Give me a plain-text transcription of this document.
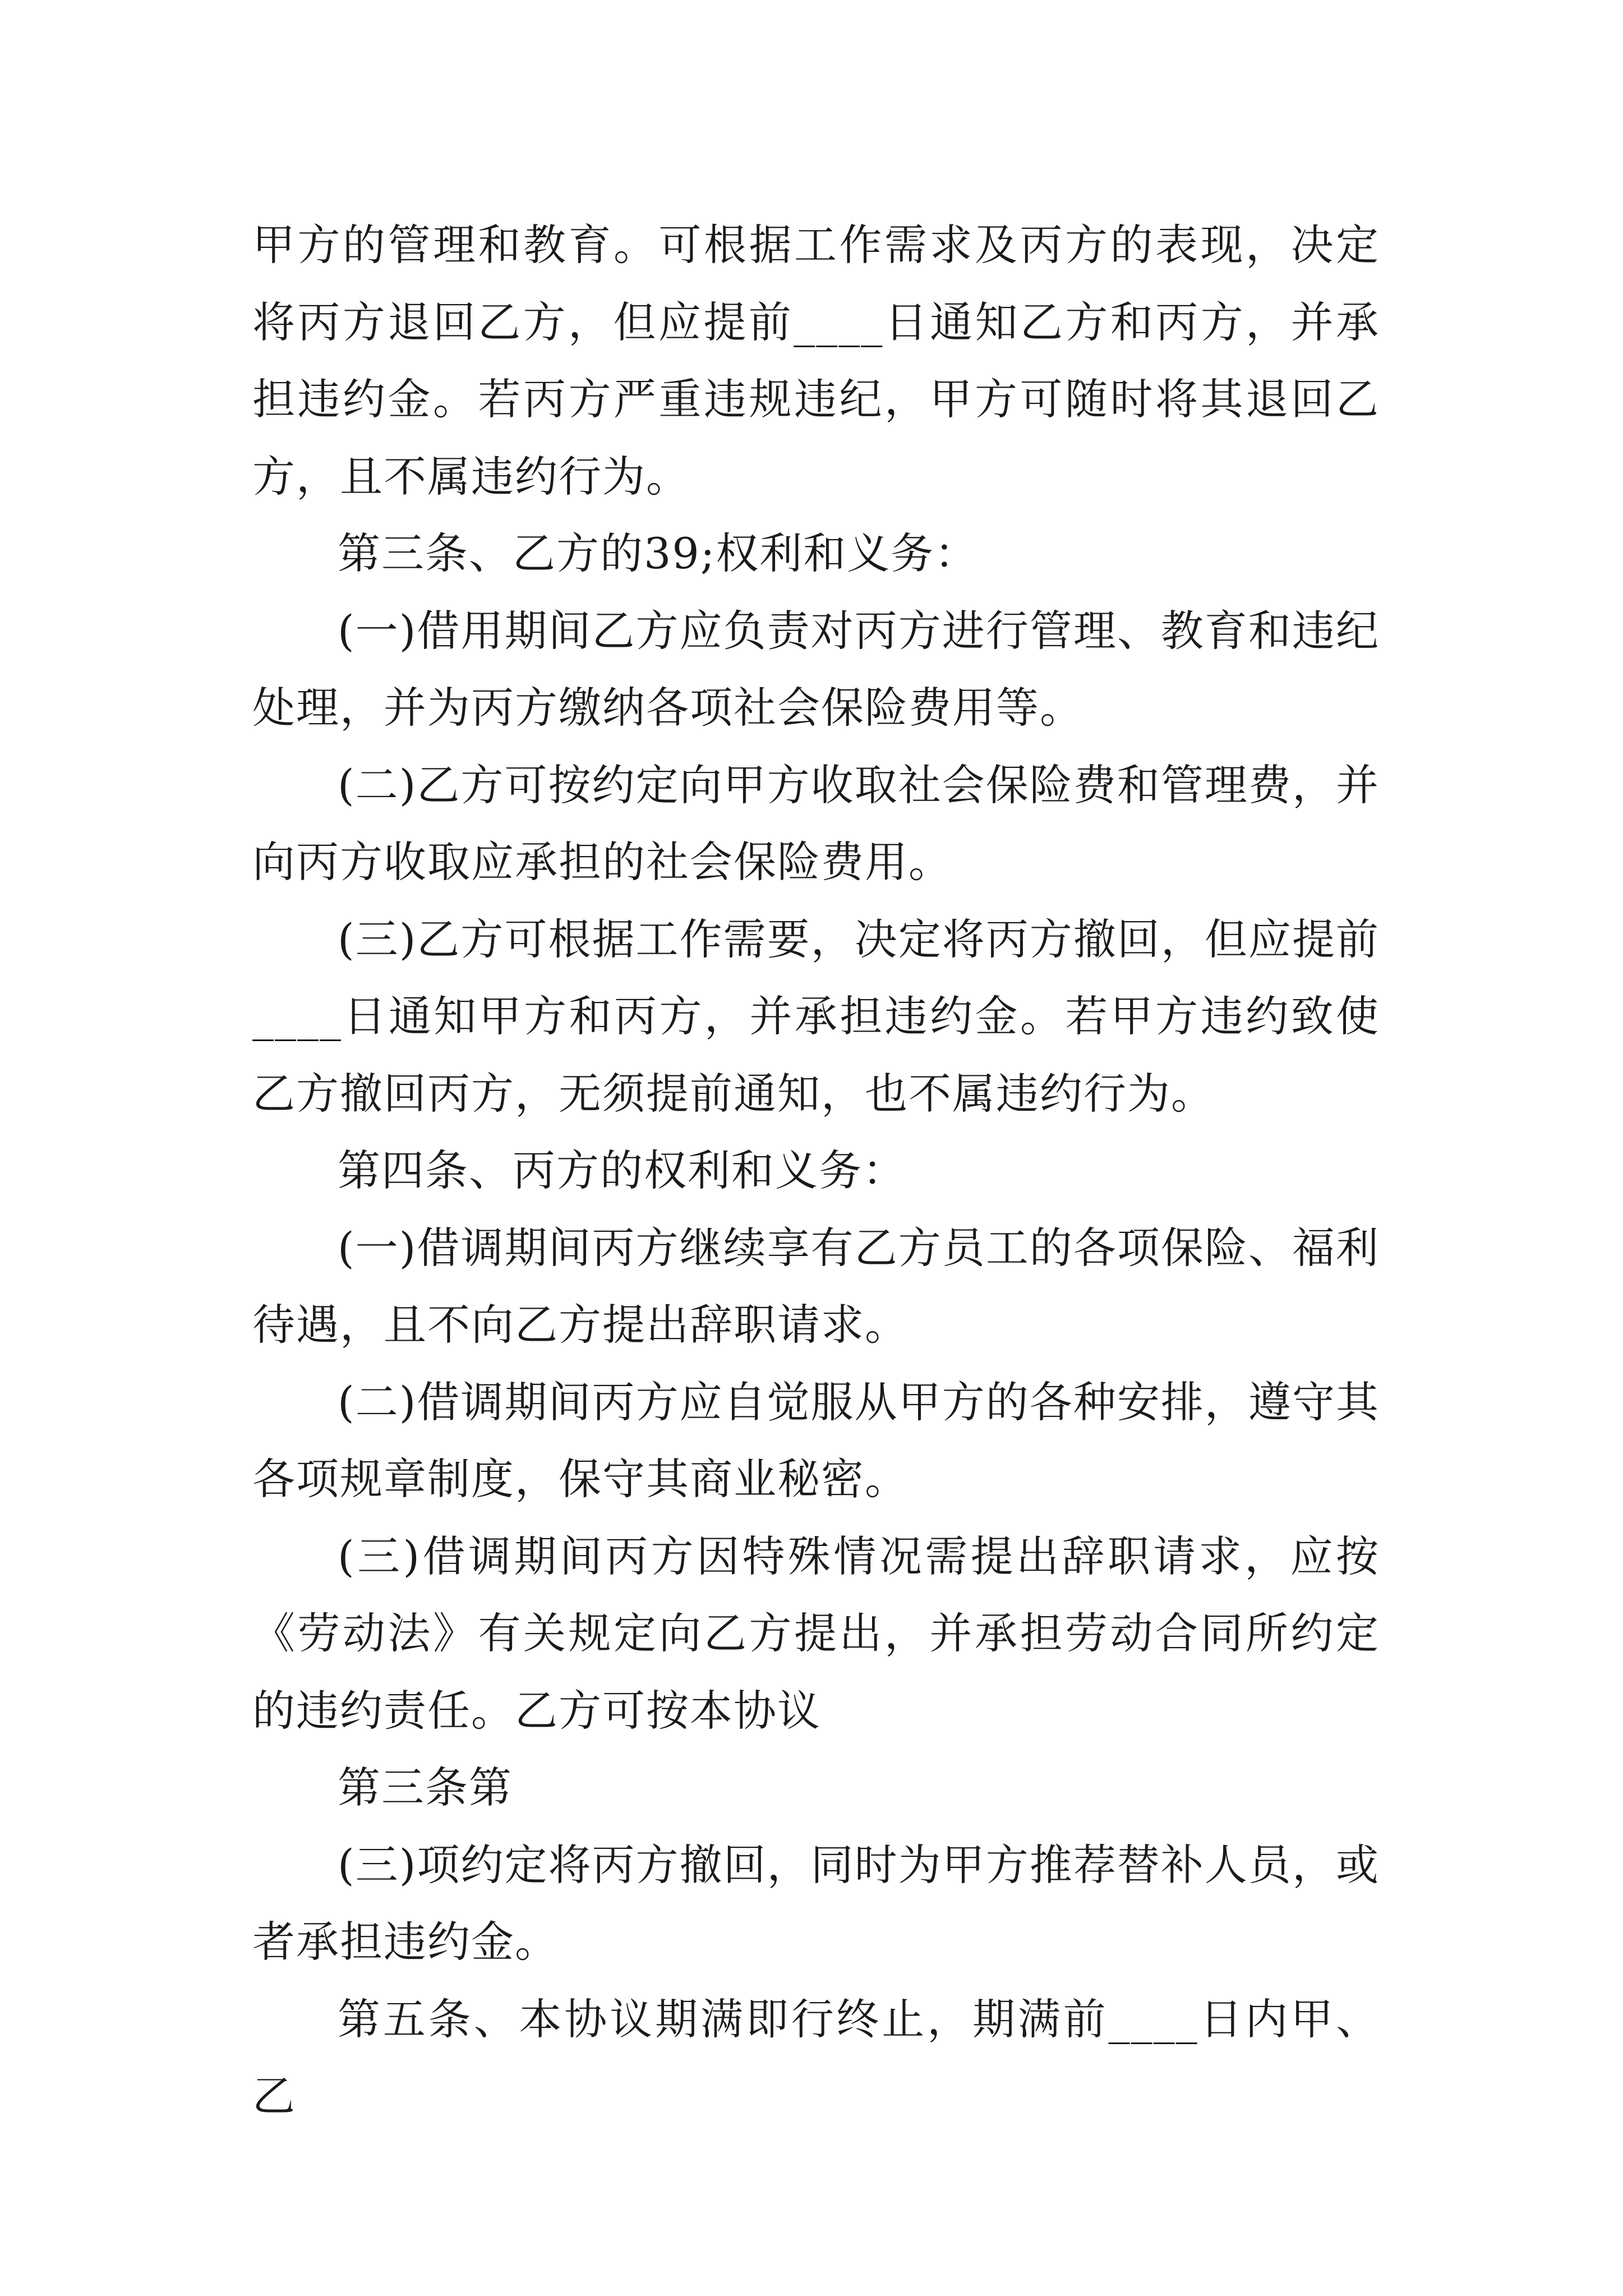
甲方的管理和教育。可根据工作需求及丙方的表现，决定将丙方退回乙方，但应提前____日通知乙方和丙方，并承担违约金。若丙方严重违规违纪，甲方可随时将其退回乙方，且不属违约行为。

第三条、乙方的39;权利和义务：

(一)借用期间乙方应负责对丙方进行管理、教育和违纪处理，并为丙方缴纳各项社会保险费用等。

(二)乙方可按约定向甲方收取社会保险费和管理费，并向丙方收取应承担的社会保险费用。

(三)乙方可根据工作需要，决定将丙方撤回，但应提前____日通知甲方和丙方，并承担违约金。若甲方违约致使乙方撤回丙方，无须提前通知，也不属违约行为。

第四条、丙方的权利和义务：

(一)借调期间丙方继续享有乙方员工的各项保险、福利待遇，且不向乙方提出辞职请求。

(二)借调期间丙方应自觉服从甲方的各种安排，遵守其各项规章制度，保守其商业秘密。

(三)借调期间丙方因特殊情况需提出辞职请求，应按《劳动法》有关规定向乙方提出，并承担劳动合同所约定的违约责任。乙方可按本协议

第三条第

(三)项约定将丙方撤回，同时为甲方推荐替补人员，或者承担违约金。

第五条、本协议期满即行终止，期满前____日内甲、乙
